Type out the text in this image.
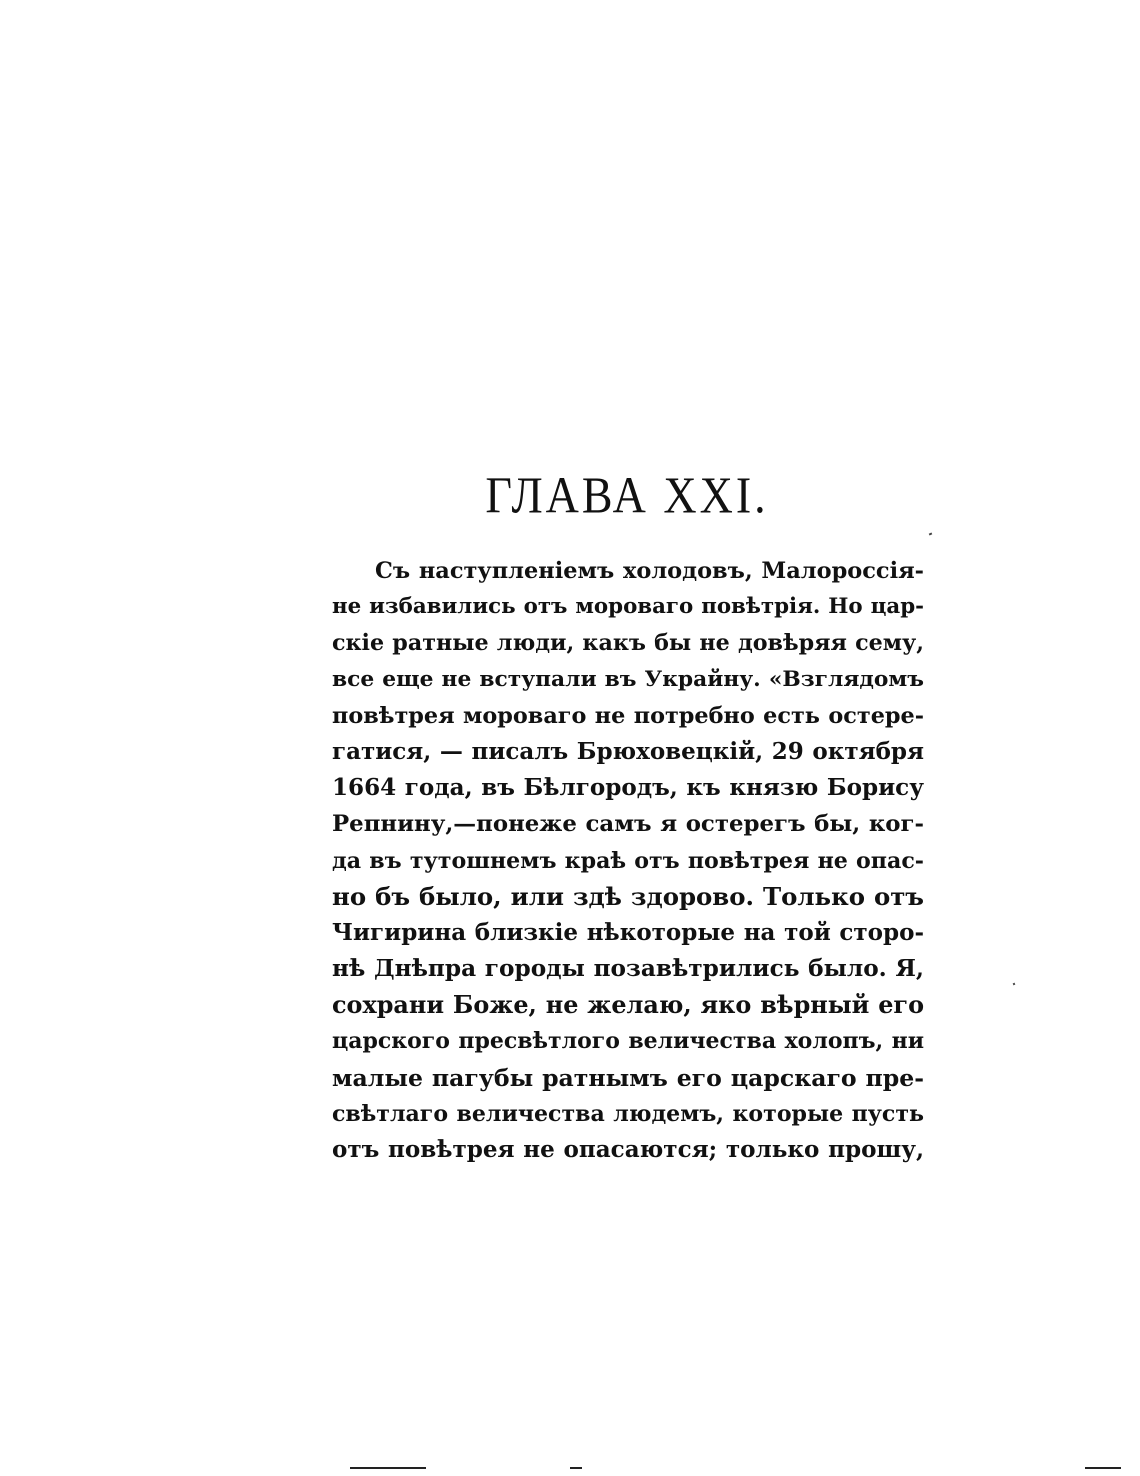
ГЛАВА XXI.
Съ наступленіемъ холодовъ, Малороссія-
не избавились отъ мороваго повѣтрія. Но цар-
скіе ратные люди, какъ бы не довѣряя сему,
все еще не вступали въ Украйну. «Взглядомъ
повѣтрея мороваго не потребно есть остере-
гатися, — писалъ Брюховецкій, 29 октября
1664 года, въ Бѣлгородъ, къ князю Борису
Репнину,—понеже самъ я остерегъ бы, ког-
да въ тутошнемъ краѣ отъ повѣтрея не опас-
но бъ было, или здѣ здорово. Только отъ
Чигирина близкіе нѣкоторые на той сторо-
нѣ Днѣпра городы позавѣтрились было. Я,
сохрани Боже, не желаю, яко вѣрный его
царского пресвѣтлого величества холопъ, ни
малые пагубы ратнымъ его царскаго пре-
свѣтлаго величества людемъ, которые пусть
отъ повѣтрея не опасаются; только прошу,
